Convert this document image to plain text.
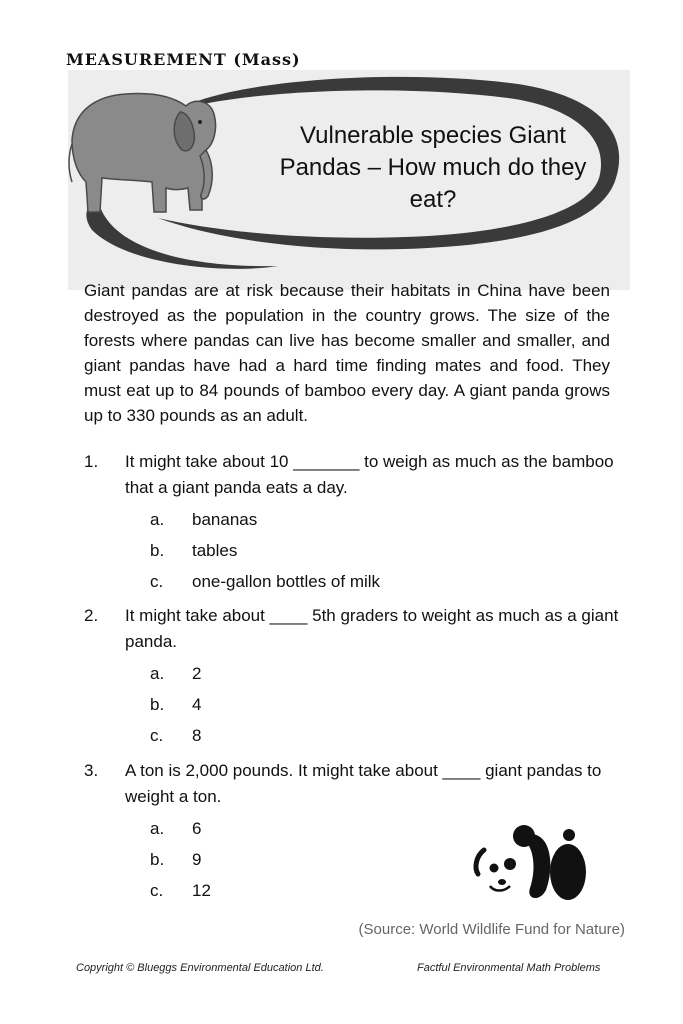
MEASUREMENT (Mass)
Vulnerable species Giant Pandas – How much do they eat?
Giant pandas are at risk because their habitats in China have been destroyed as the population in the country grows. The size of the forests where pandas can live has become smaller and smaller, and giant pandas have had a hard time finding mates and food. They must eat up to 84 pounds of bamboo every day. A giant panda grows up to 330 pounds as an adult.
1. It might take about 10 _______ to weigh as much as the bamboo that a giant panda eats a day.
a. bananas
b. tables
c. one-gallon bottles of milk
2. It might take about ____ 5th graders to weight as much as a giant panda.
a. 2
b. 4
c. 8
3. A ton is 2,000 pounds. It might take about ____ giant pandas to weight a ton.
a. 6
b. 9
c. 12
(Source: World Wildlife Fund for Nature)
Copyright © Blueggs Environmental Education Ltd.	Factful Environmental Math Problems
